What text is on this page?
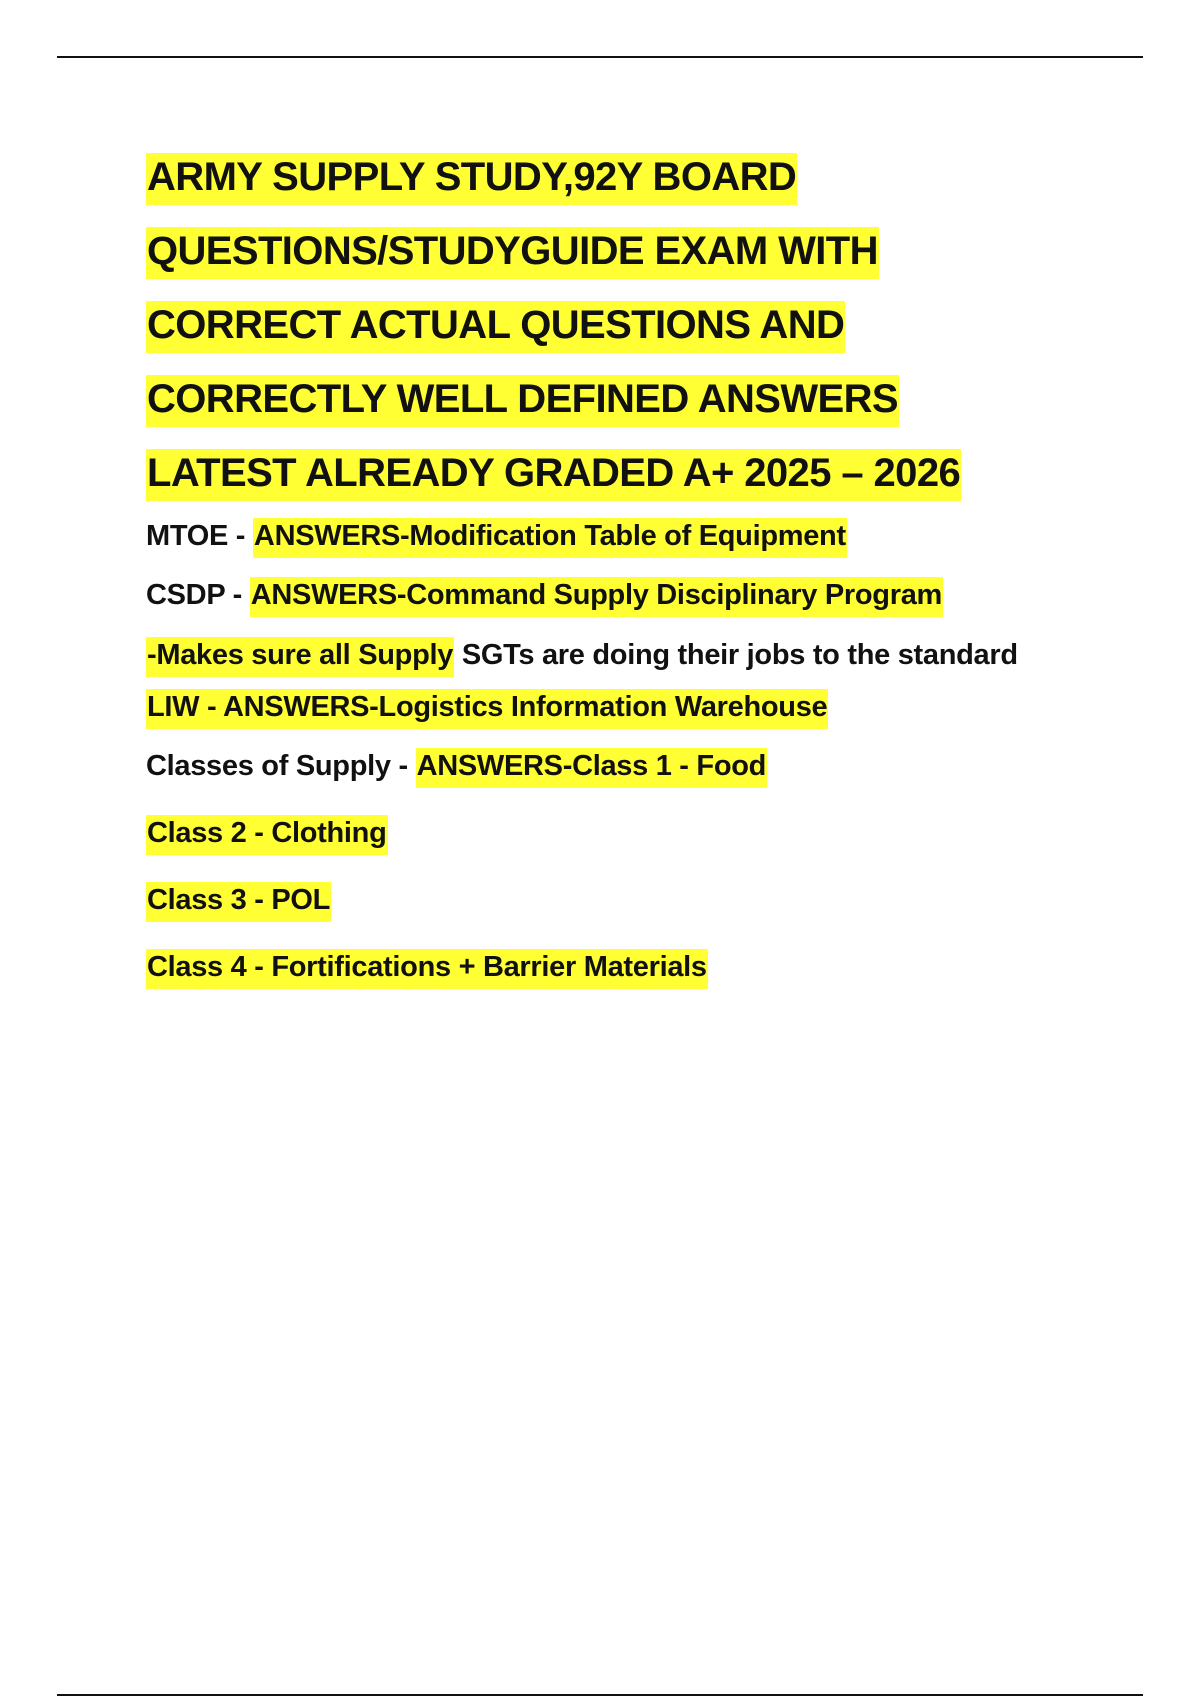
ARMY SUPPLY STUDY,92Y BOARD
QUESTIONS/STUDYGUIDE EXAM WITH
CORRECT ACTUAL QUESTIONS AND
CORRECTLY WELL DEFINED ANSWERS
LATEST ALREADY GRADED A+ 2025 – 2026

MTOE - ANSWERS-Modification Table of Equipment

CSDP - ANSWERS-Command Supply Disciplinary Program

-Makes sure all Supply SGTs are doing their jobs to the standard

LIW - ANSWERS-Logistics Information Warehouse

Classes of Supply - ANSWERS-Class 1 - Food

Class 2 - Clothing

Class 3 - POL

Class 4 - Fortifications + Barrier Materials
